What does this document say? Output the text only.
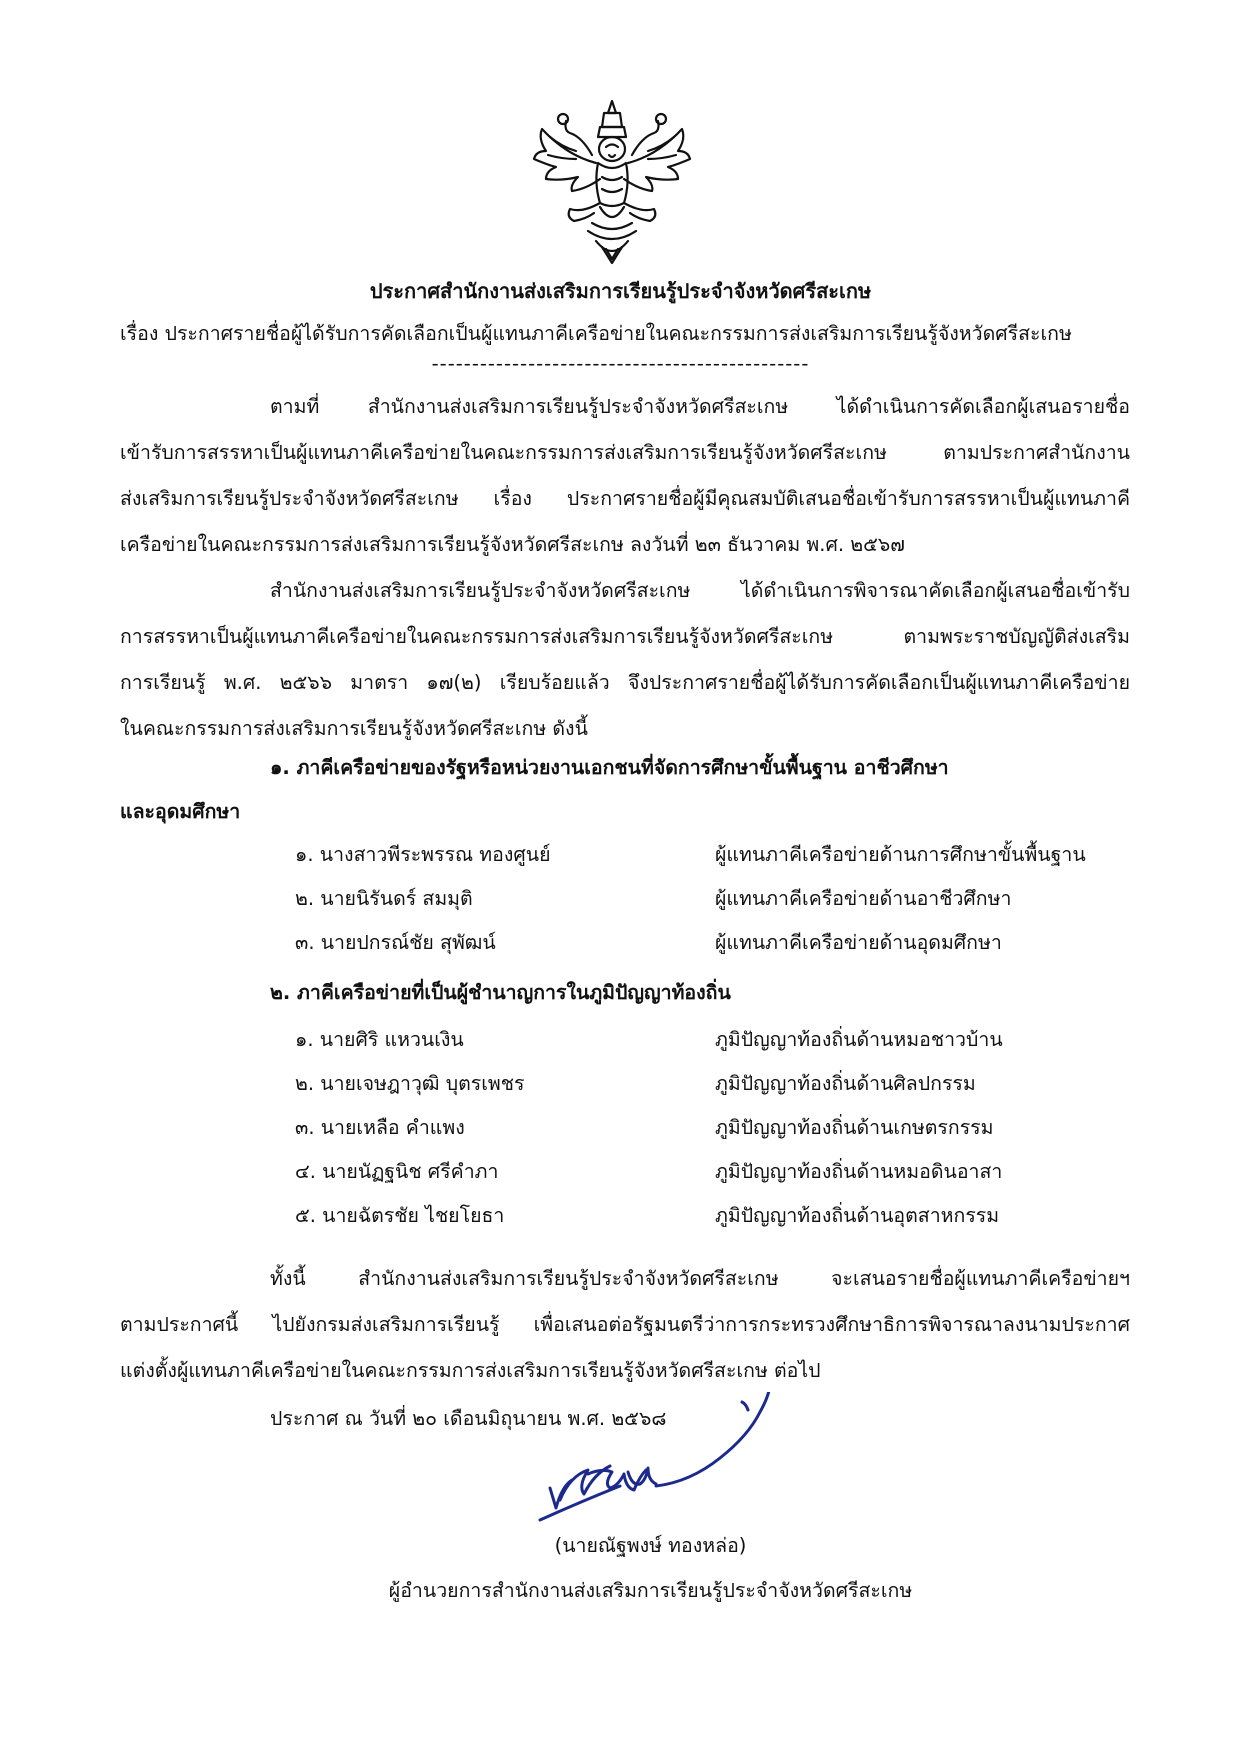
ประกาศสำนักงานส่งเสริมการเรียนรู้ประจำจังหวัดศรีสะเกษ
เรื่อง ประกาศรายชื่อผู้ได้รับการคัดเลือกเป็นผู้แทนภาคีเครือข่ายในคณะกรรมการส่งเสริมการเรียนรู้จังหวัดศรีสะเกษ
-----------------------------------------------
ตามที่ สำนักงานส่งเสริมการเรียนรู้ประจำจังหวัดศรีสะเกษ ได้ดำเนินการคัดเลือกผู้เสนอรายชื่อ
เข้ารับการสรรหาเป็นผู้แทนภาคีเครือข่ายในคณะกรรมการส่งเสริมการเรียนรู้จังหวัดศรีสะเกษ ตามประกาศสำนักงาน
ส่งเสริมการเรียนรู้ประจำจังหวัดศรีสะเกษ เรื่อง ประกาศรายชื่อผู้มีคุณสมบัติเสนอชื่อเข้ารับการสรรหาเป็นผู้แทนภาคี
เครือข่ายในคณะกรรมการส่งเสริมการเรียนรู้จังหวัดศรีสะเกษ ลงวันที่ ๒๓ ธันวาคม พ.ศ. ๒๕๖๗
สำนักงานส่งเสริมการเรียนรู้ประจำจังหวัดศรีสะเกษ ได้ดำเนินการพิจารณาคัดเลือกผู้เสนอชื่อเข้ารับ
การสรรหาเป็นผู้แทนภาคีเครือข่ายในคณะกรรมการส่งเสริมการเรียนรู้จังหวัดศรีสะเกษ ตามพระราชบัญญัติส่งเสริม
การเรียนรู้ พ.ศ. ๒๕๖๖ มาตรา ๑๗(๒) เรียบร้อยแล้ว จึงประกาศรายชื่อผู้ได้รับการคัดเลือกเป็นผู้แทนภาคีเครือข่าย
ในคณะกรรมการส่งเสริมการเรียนรู้จังหวัดศรีสะเกษ ดังนี้
๑. ภาคีเครือข่ายของรัฐหรือหน่วยงานเอกชนที่จัดการศึกษาขั้นพื้นฐาน อาชีวศึกษา
และอุดมศึกษา
๑. นางสาวพีระพรรณ ทองศูนย์	ผู้แทนภาคีเครือข่ายด้านการศึกษาขั้นพื้นฐาน
๒. นายนิรันดร์ สมมุติ	ผู้แทนภาคีเครือข่ายด้านอาชีวศึกษา
๓. นายปกรณ์ชัย สุพัฒน์	ผู้แทนภาคีเครือข่ายด้านอุดมศึกษา
๒. ภาคีเครือข่ายที่เป็นผู้ชำนาญการในภูมิปัญญาท้องถิ่น
๑. นายศิริ แหวนเงิน	ภูมิปัญญาท้องถิ่นด้านหมอชาวบ้าน
๒. นายเจษฎาวุฒิ บุตรเพชร	ภูมิปัญญาท้องถิ่นด้านศิลปกรรม
๓. นายเหลือ คำแพง	ภูมิปัญญาท้องถิ่นด้านเกษตรกรรม
๔. นายนัฏฐนิช ศรีคำภา	ภูมิปัญญาท้องถิ่นด้านหมอดินอาสา
๕. นายฉัตรชัย ไชยโยธา	ภูมิปัญญาท้องถิ่นด้านอุตสาหกรรม
ทั้งนี้ สำนักงานส่งเสริมการเรียนรู้ประจำจังหวัดศรีสะเกษ จะเสนอรายชื่อผู้แทนภาคีเครือข่ายฯ
ตามประกาศนี้ ไปยังกรมส่งเสริมการเรียนรู้ เพื่อเสนอต่อรัฐมนตรีว่าการกระทรวงศึกษาธิการพิจารณาลงนามประกาศ
แต่งตั้งผู้แทนภาคีเครือข่ายในคณะกรรมการส่งเสริมการเรียนรู้จังหวัดศรีสะเกษ ต่อไป
ประกาศ ณ วันที่ ๒๐ เดือนมิถุนายน พ.ศ. ๒๕๖๘
(นายณัฐพงษ์ ทองหล่อ)
ผู้อำนวยการสำนักงานส่งเสริมการเรียนรู้ประจำจังหวัดศรีสะเกษ
